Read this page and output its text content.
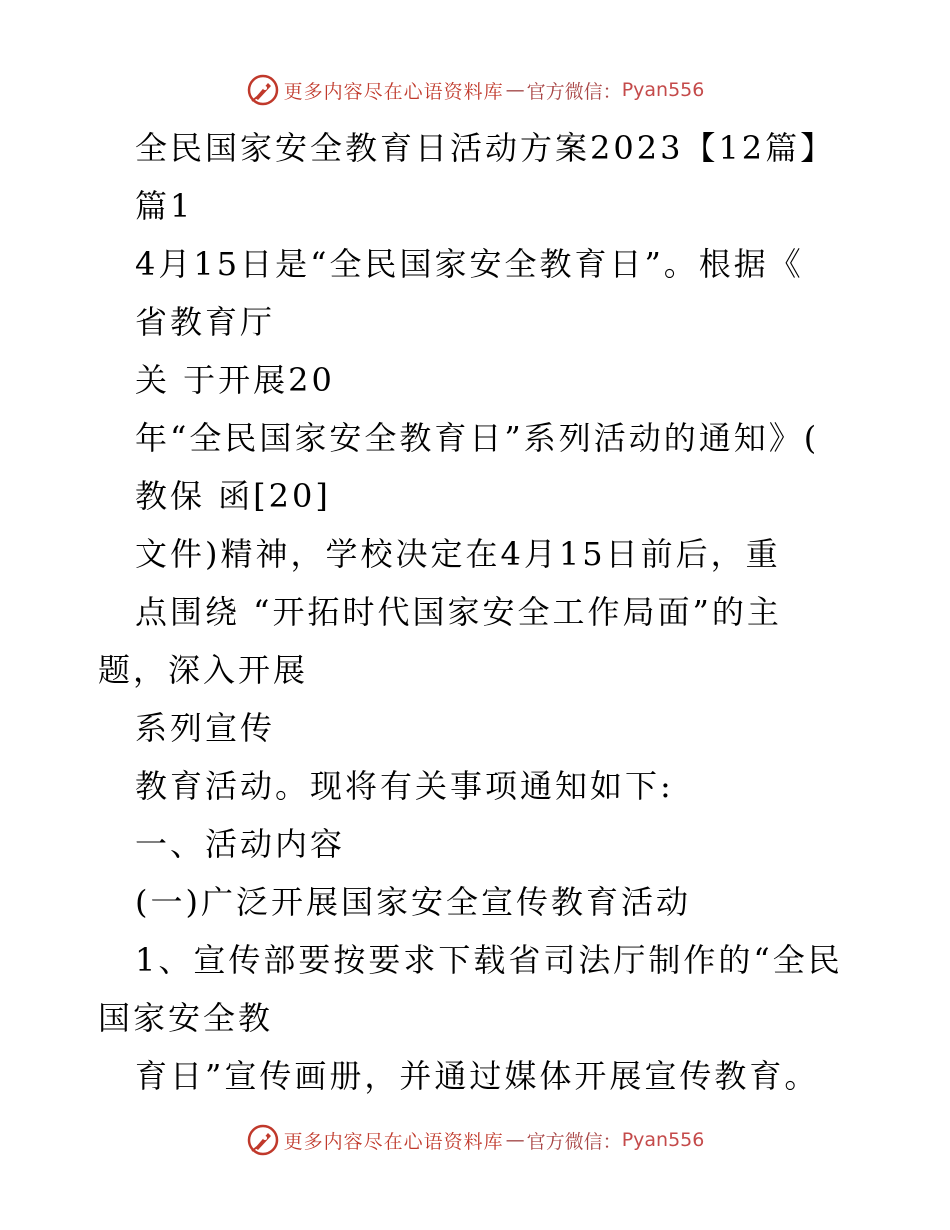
更多内容尽在心语资料库 — 官方微信： Pyan556
全民国家安全教育日活动方案2023【12篇】
篇1
4月15日是“全民国家安全教育日”。根据《
省教育厅
关 于开展20
年“全民国家安全教育日”系列活动的通知》(
教保 函[20]
文件)精神，学校决定在4月15日前后，重
点围绕 “开拓时代国家安全工作局面”的主
题，深入开展
系列宣传
教育活动。现将有关事项通知如下:
一、活动内容
(一)广泛开展国家安全宣传教育活动
1、宣传部要按要求下载省司法厅制作的“全民
国家安全教
育日”宣传画册，并通过媒体开展宣传教育。
更多内容尽在心语资料库 — 官方微信： Pyan556
